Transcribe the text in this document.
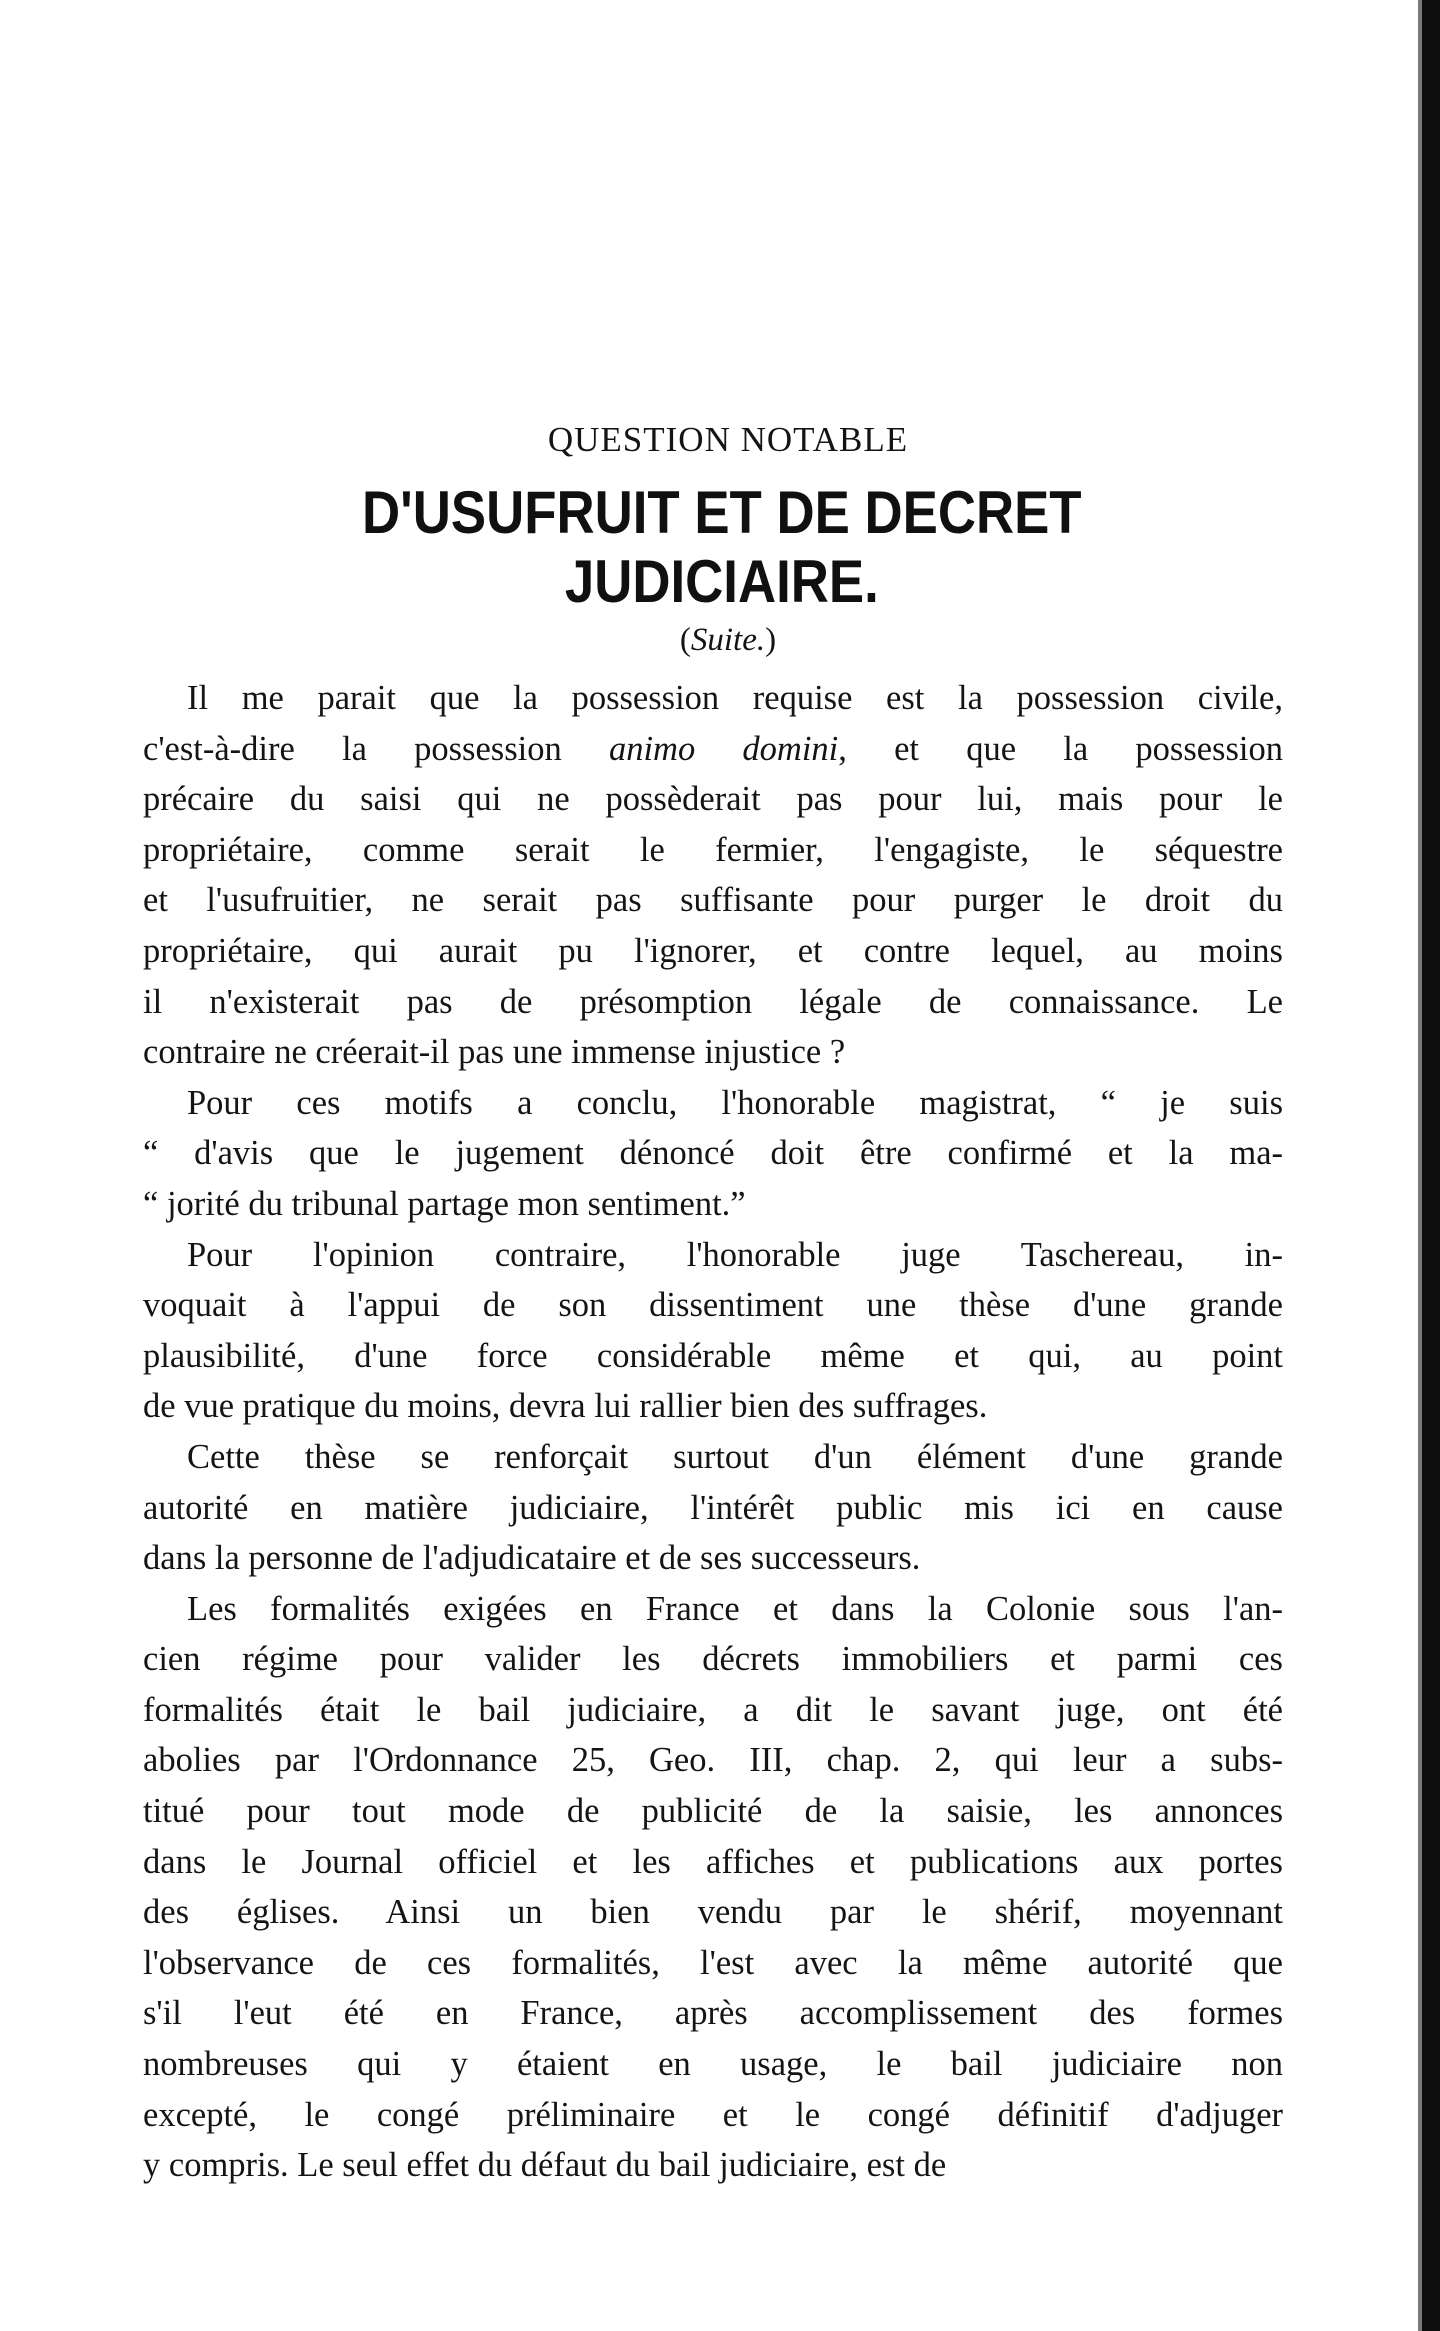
QUESTION NOTABLE
D'USUFRUIT ET DE DECRET JUDICIAIRE.
(Suite.)
Il me parait que la possession requise est la possession civile,
c'est-à-dire la possession animo domini, et que la possession
précaire du saisi qui ne possèderait pas pour lui, mais pour le
propriétaire, comme serait le fermier, l'engagiste, le séquestre
et l'usufruitier, ne serait pas suffisante pour purger le droit du
propriétaire, qui aurait pu l'ignorer, et contre lequel, au moins
il n'existerait pas de présomption légale de connaissance. Le
contraire ne créerait-il pas une immense injustice ?
Pour ces motifs a conclu, l'honorable magistrat, “ je suis
“ d'avis que le jugement dénoncé doit être confirmé et la ma-
“ jorité du tribunal partage mon sentiment.”
Pour l'opinion contraire, l'honorable juge Taschereau, in-
voquait à l'appui de son dissentiment une thèse d'une grande
plausibilité, d'une force considérable même et qui, au point
de vue pratique du moins, devra lui rallier bien des suffrages.
Cette thèse se renforçait surtout d'un élément d'une grande
autorité en matière judiciaire, l'intérêt public mis ici en cause
dans la personne de l'adjudicataire et de ses successeurs.
Les formalités exigées en France et dans la Colonie sous l'an-
cien régime pour valider les décrets immobiliers et parmi ces
formalités était le bail judiciaire, a dit le savant juge, ont été
abolies par l'Ordonnance 25, Geo. III, chap. 2, qui leur a subs-
titué pour tout mode de publicité de la saisie, les annonces
dans le Journal officiel et les affiches et publications aux portes
des églises. Ainsi un bien vendu par le shérif, moyennant
l'observance de ces formalités, l'est avec la même autorité que
s'il l'eut été en France, après accomplissement des formes
nombreuses qui y étaient en usage, le bail judiciaire non
excepté, le congé préliminaire et le congé définitif d'adjuger
y compris. Le seul effet du défaut du bail judiciaire, est de
